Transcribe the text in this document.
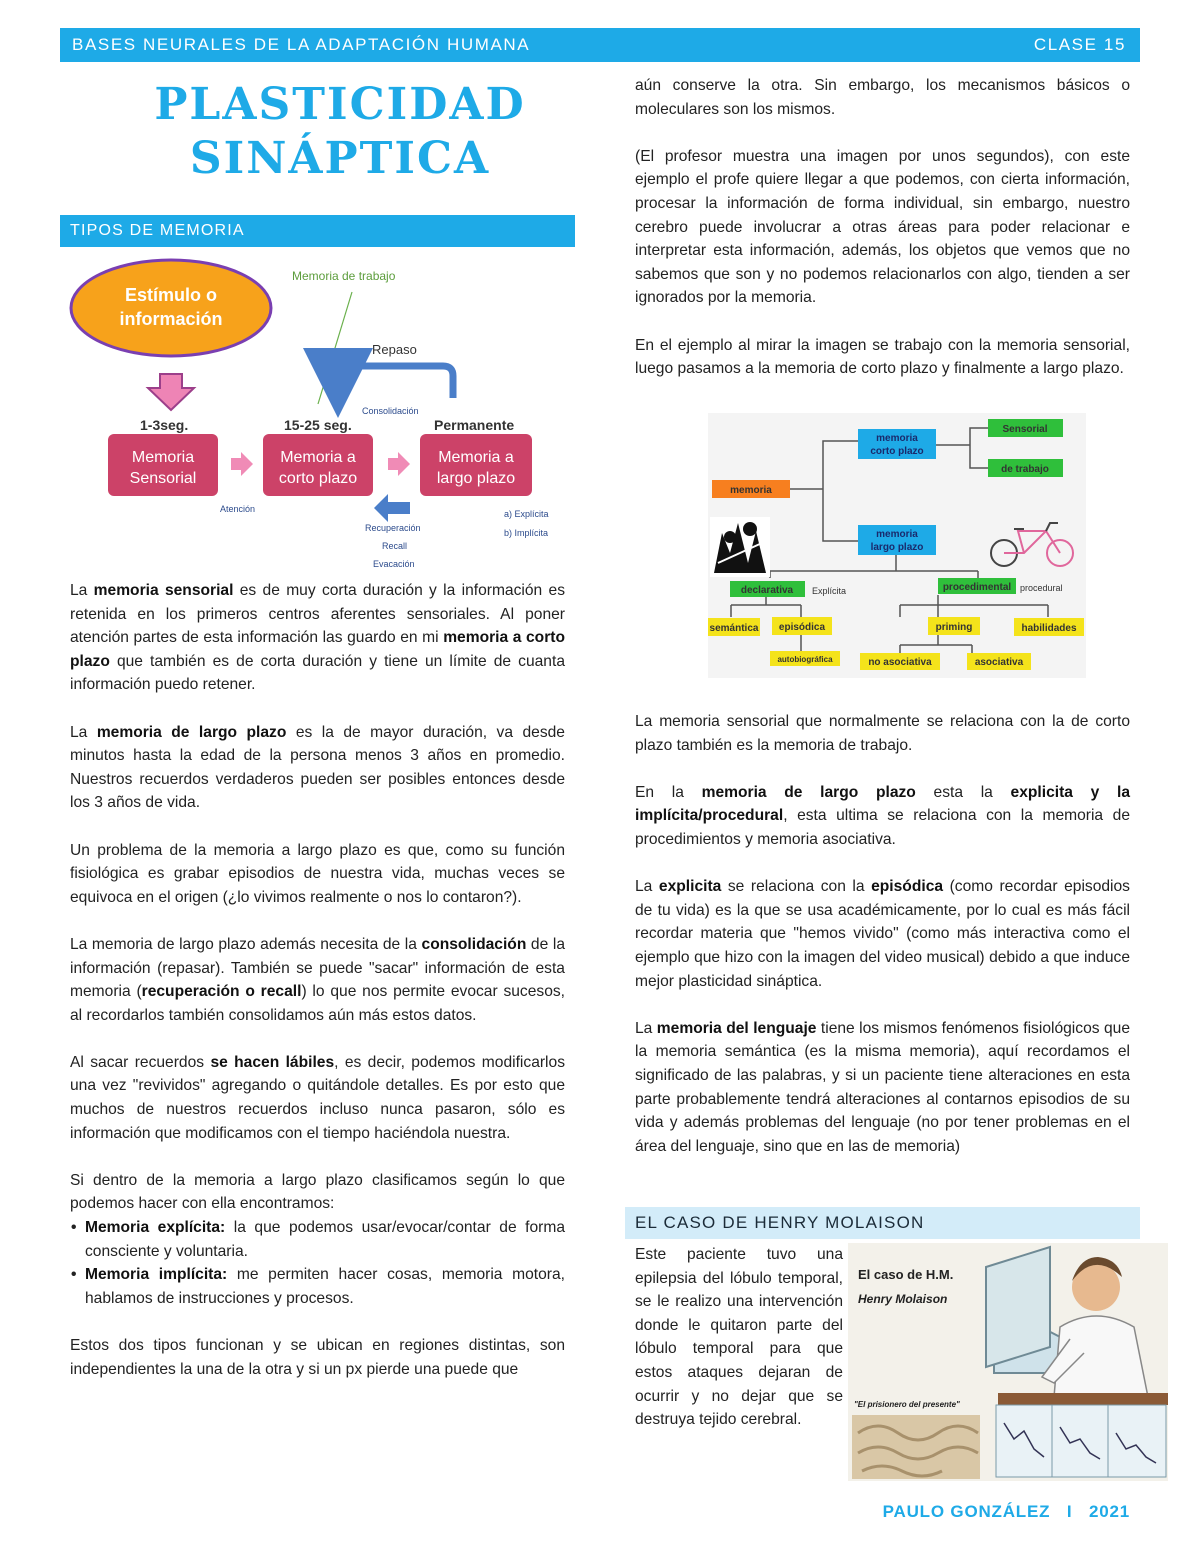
BASES NEURALES DE LA ADAPTACIÓN HUMANA	CLASE 15
PLASTICIDAD
SINÁPTICA
TIPOS DE MEMORIA
Estímulo o
información
Memoria de trabajo
Repaso
Consolidación
1-3seg.	15-25 seg.	Permanente
Memoria
Sensorial
Memoria a
corto plazo
Memoria a
largo plazo
Atención
Recuperación
Recall
Evacación
a) Explícita
b) Implícita

La memoria sensorial es de muy corta duración y la información es retenida en los primeros centros aferentes sensoriales. Al poner atención partes de esta información las guardo en mi memoria a corto plazo que también es de corta duración y tiene un límite de cuanta información puedo retener.

La memoria de largo plazo es la de mayor duración, va desde minutos hasta la edad de la persona menos 3 años en promedio. Nuestros recuerdos verdaderos pueden ser posibles entonces desde los 3 años de vida.

Un problema de la memoria a largo plazo es que, como su función fisiológica es grabar episodios de nuestra vida, muchas veces se equivoca en el origen (¿lo vivimos realmente o nos lo contaron?).

La memoria de largo plazo además necesita de la consolidación de la información (repasar). También se puede "sacar" información de esta memoria (recuperación o recall) lo que nos permite evocar sucesos, al recordarlos también consolidamos aún más estos datos.

Al sacar recuerdos se hacen lábiles, es decir, podemos modificarlos una vez "revividos" agregando o quitándole detalles. Es por esto que muchos de nuestros recuerdos incluso nunca pasaron, sólo es información que modificamos con el tiempo haciéndola nuestra.

Si dentro de la memoria a largo plazo clasificamos según lo que podemos hacer con ella encontramos:

• Memoria explícita: la que podemos usar/evocar/contar de forma consciente y voluntaria.
• Memoria implícita: me permiten hacer cosas, memoria motora, hablamos de instrucciones y procesos.

Estos dos tipos funcionan y se ubican en regiones distintas, son independientes la una de la otra y si un px pierde una puede que

aún conserve la otra. Sin embargo, los mecanismos básicos o moleculares son los mismos.

(El profesor muestra una imagen por unos segundos), con este ejemplo el profe quiere llegar a que podemos, con cierta información, procesar la información de forma individual, sin embargo, nuestro cerebro puede involucrar a otras áreas para poder relacionar e interpretar esta información, además, los objetos que vemos que no sabemos que son y no podemos relacionarlos con algo, tienden a ser ignorados por la memoria.

En el ejemplo al mirar la imagen se trabajo con la memoria sensorial, luego pasamos a la memoria de corto plazo y finalmente a largo plazo.

memoria
corto plazo
Sensorial
de trabajo
memoria
memoria
largo plazo
declarativa Explícita	procedimental procedural
semántica episódica
autobiográfica
priming	habilidades
no asociativa	asociativa

La memoria sensorial que normalmente se relaciona con la de corto plazo también es la memoria de trabajo.

En la memoria de largo plazo esta la explicita y la implícita/procedural, esta ultima se relaciona con la memoria de procedimientos y memoria asociativa.

La explicita se relaciona con la episódica (como recordar episodios de tu vida) es la que se usa académicamente, por lo cual es más fácil recordar materia que "hemos vivido" (como más interactiva como el ejemplo que hizo con la imagen del video musical) debido a que induce mejor plasticidad sináptica.

La memoria del lenguaje tiene los mismos fenómenos fisiológicos que la memoria semántica (es la misma memoria), aquí recordamos el significado de las palabras, y si un paciente tiene alteraciones en esta parte probablemente tendrá alteraciones al contarnos episodios de su vida y además problemas del lenguaje (no por tener problemas en el área del lenguaje, sino que en las de memoria)

EL CASO DE HENRY MOLAISON
Este paciente tuvo una epilepsia del lóbulo temporal, se le realizo una intervención donde le quitaron parte del lóbulo temporal para que estos ataques dejaran de ocurrir y no dejar que se destruya tejido cerebral.
El caso de H.M.
Henry Molaison
"El prisionero del presente"
PAULO GONZÁLEZ   I   2021
